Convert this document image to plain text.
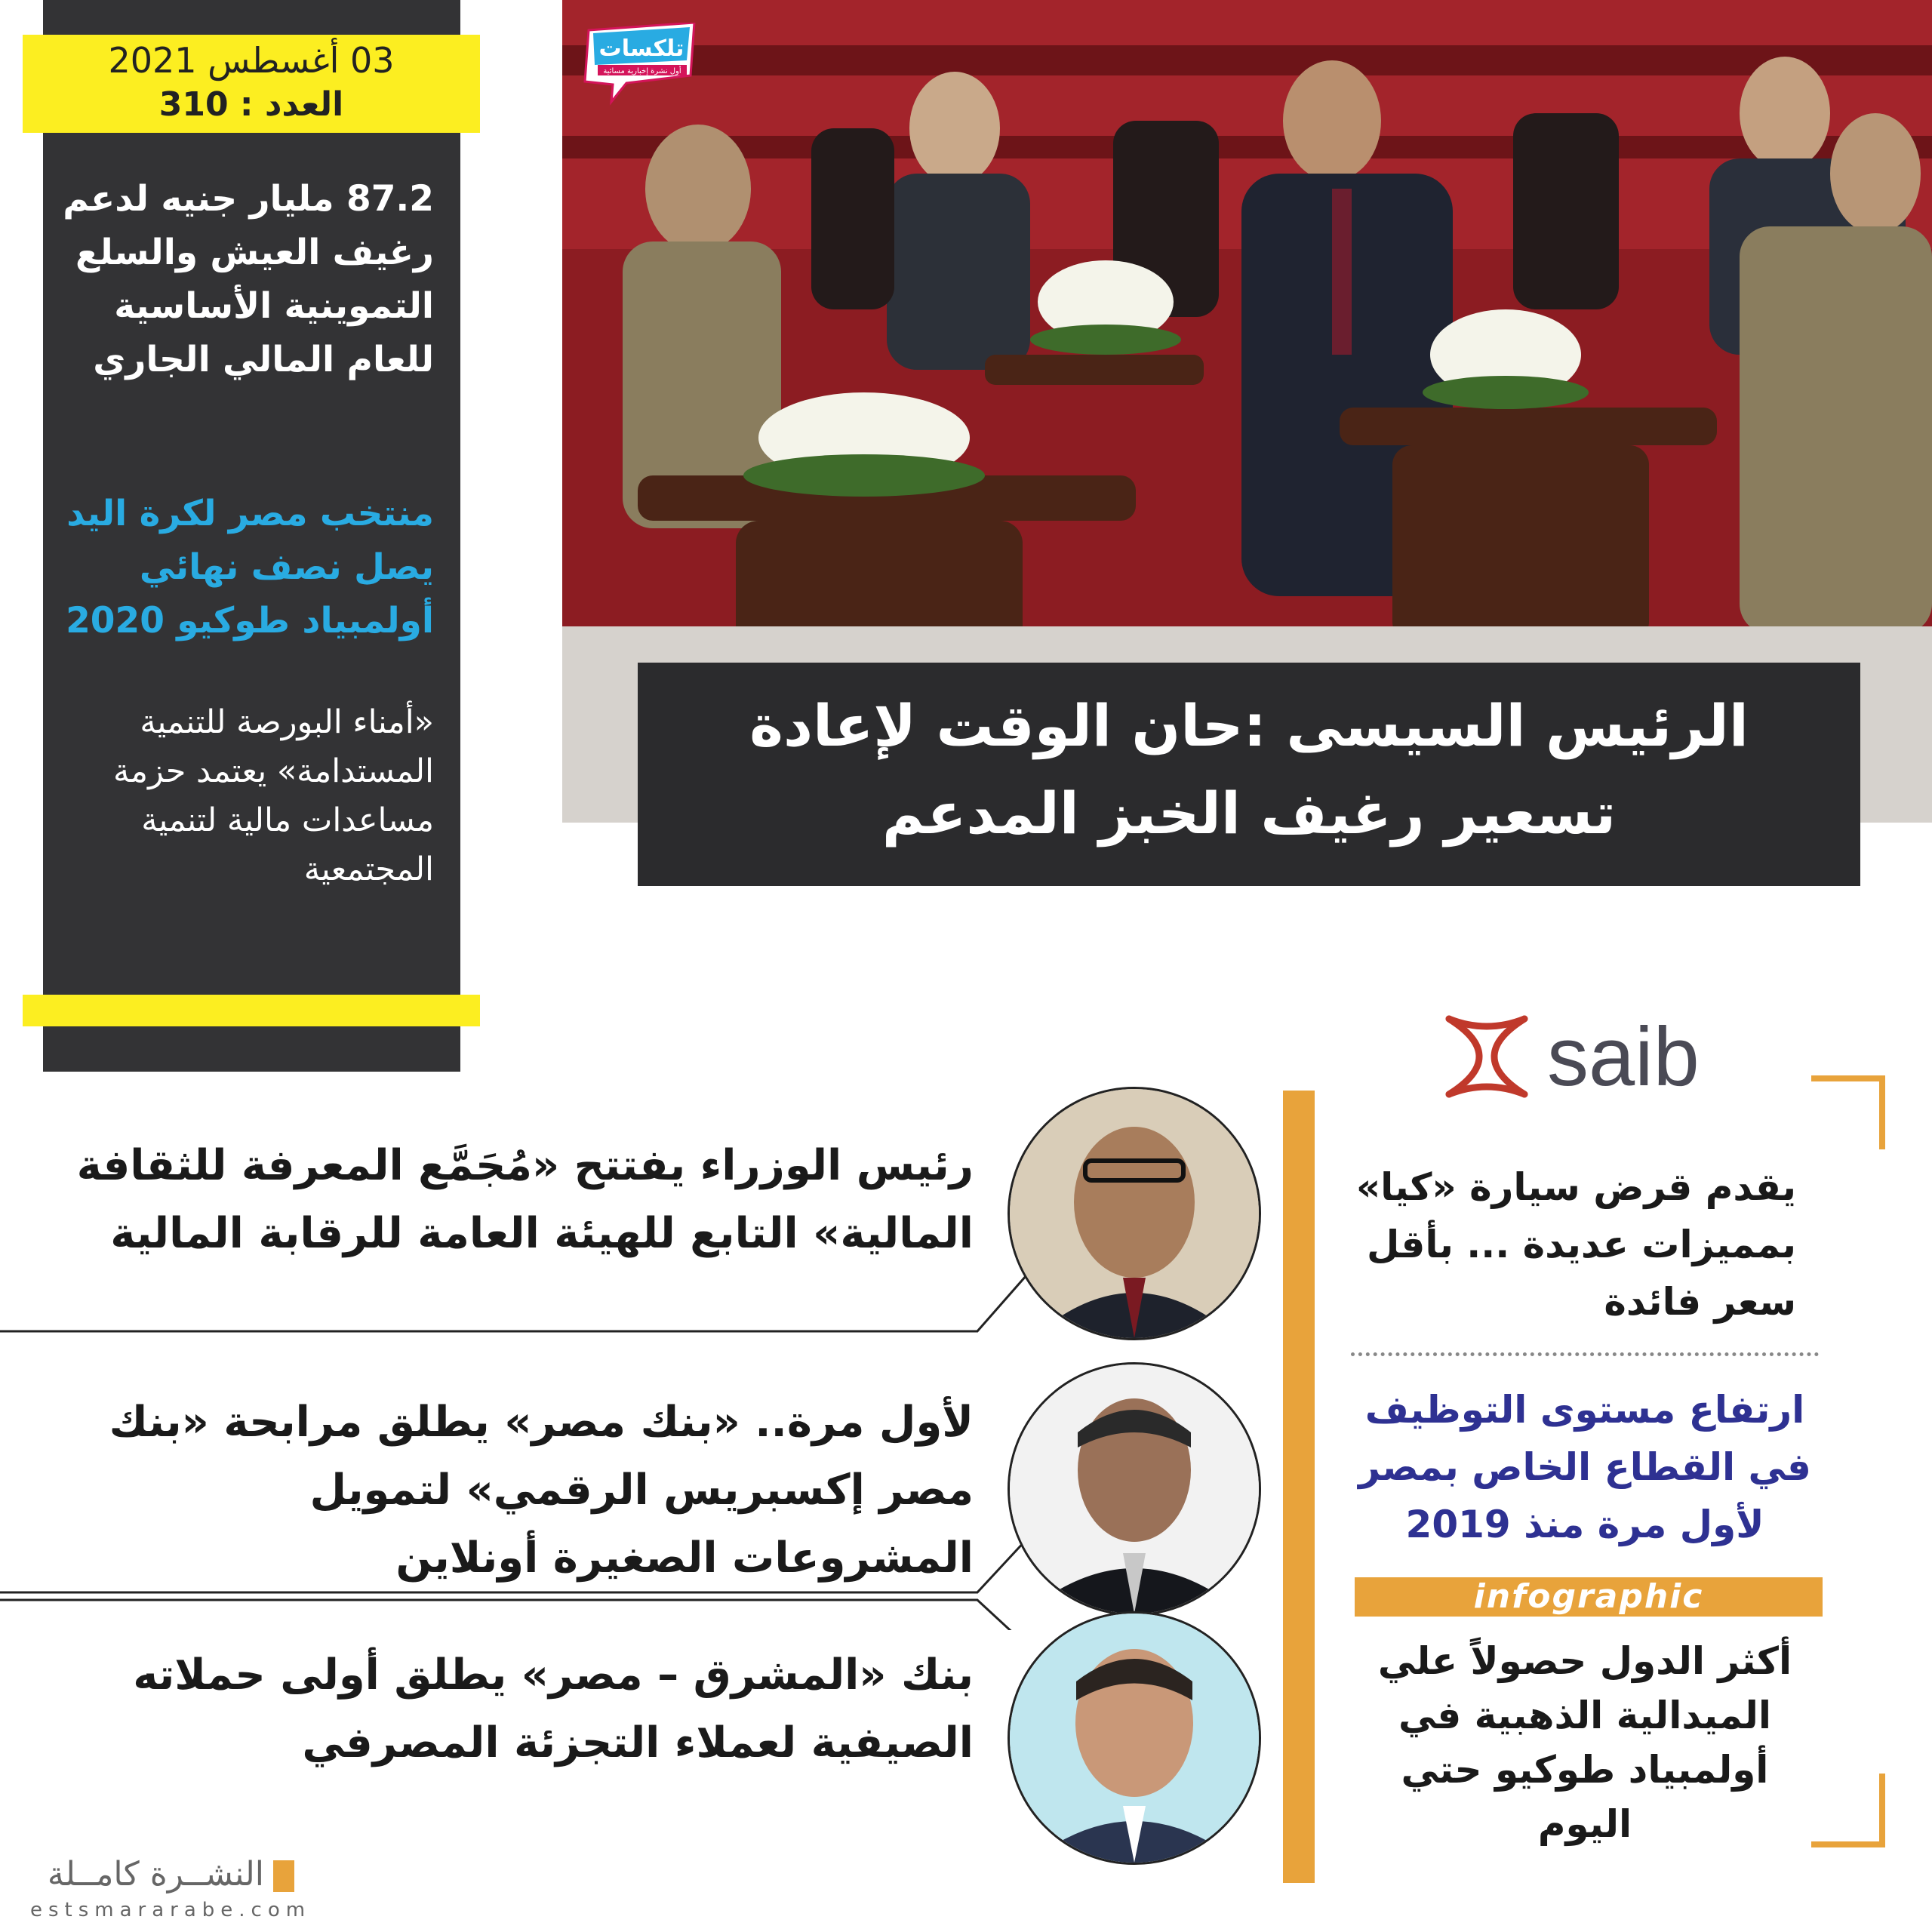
03 أغسطس 2021
العدد : 310
87.2 مليار جنيه لدعم رغيف العيش والسلع التموينية الأساسية للعام المالي الجاري
منتخب مصر لكرة اليد يصل نصف نهائي أولمبياد طوكيو 2020
«أمناء البورصة للتنمية المستدامة» يعتمد حزمة مساعدات مالية لتنمية المجتمعية
تلكسات
أول نشرة إخبارية مسائية
الرئيس السيسى :حان الوقت لإعادة
تسعير رغيف الخبز المدعم
رئيس الوزراء يفتتح «مُجَمَّع المعرفة للثقافة المالية» التابع للهيئة العامة للرقابة المالية
لأول مرة.. «بنك مصر» يطلق مرابحة «بنك مصر إكسبريس الرقمي» لتمويل المشروعات الصغيرة أونلاين
بنك «المشرق – مصر» يطلق أولى حملاته الصيفية لعملاء التجزئة المصرفي
saib
يقدم قرض سيارة «كيا» بمميزات عديدة ... بأقل سعر فائدة
ارتفاع مستوى التوظيف في القطاع الخاص بمصر لأول مرة منذ 2019
infographic
أكثر الدول حصولاً علي الميدالية الذهبية في أولمبياد طوكيو حتي اليوم
النشــرة كامــلة
estsmararabe.com
